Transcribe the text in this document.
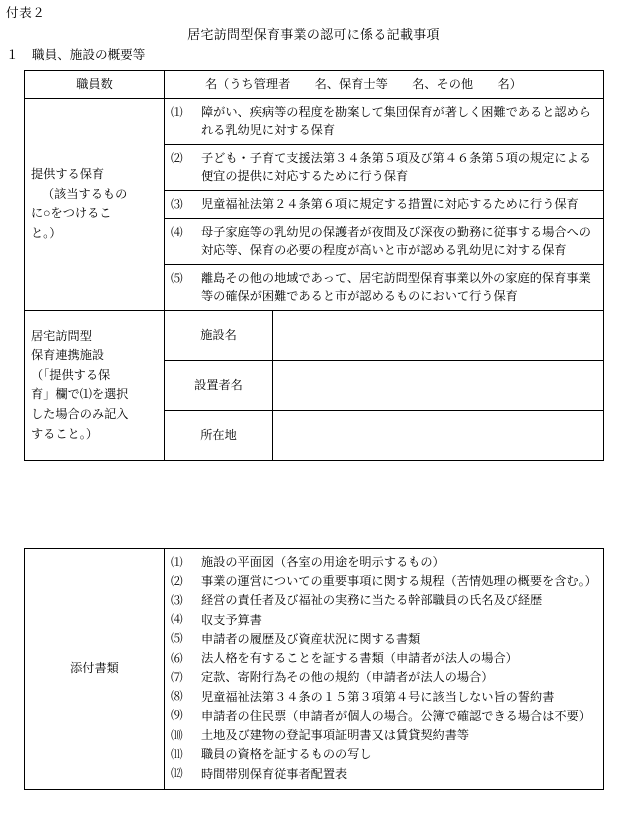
付表２
居宅訪問型保育事業の認可に係る記載事項
１ 職員、施設の概要等
職員数	名（うち管理者　　名、保育士等　　名、その他　　名）	

提供する保育
（該当するもの
に○をつけるこ
と。）	⑴ 障がい、疾病等の程度を勘案して集団保育が著しく困難であると認められる乳幼児に対する保育	

	⑵ 子ども・子育て支援法第３４条第５項及び第４６条第５項の規定による便宜の提供に対応するために行う保育	

	⑶ 児童福祉法第２４条第６項に規定する措置に対応するために行う保育	

	⑷ 母子家庭等の乳幼児の保護者が夜間及び深夜の勤務に従事する場合への対応等、保育の必要の程度が高いと市が認める乳幼児に対する保育	

	⑸ 離島その他の地域であって、居宅訪問型保育事業以外の家庭的保育事業等の確保が困難であると市が認めるものにおいて行う保育	

居宅訪問型
保育連携施設
（「提供する保
育」欄で⑴を選択
した場合のみ記入
すること。）
	施設名	
	設置者名	
	所在地	
添付書類	
⑴	施設の平面図（各室の用途を明示するもの）
⑵	事業の運営についての重要事項に関する規程（苦情処理の概要を含む。）
⑶	経営の責任者及び福祉の実務に当たる幹部職員の氏名及び経歴
⑷	収支予算書
⑸	申請者の履歴及び資産状況に関する書類
⑹	法人格を有することを証する書類（申請者が法人の場合）
⑺	定款、寄附行為その他の規約（申請者が法人の場合）
⑻	児童福祉法第３４条の１５第３項第４号に該当しない旨の誓約書
⑼	申請者の住民票（申請者が個人の場合。公簿で確認できる場合は不要）
⑽	土地及び建物の登記事項証明書又は賃貸契約書等
⑾	職員の資格を証するものの写し
⑿	時間帯別保育従事者配置表
